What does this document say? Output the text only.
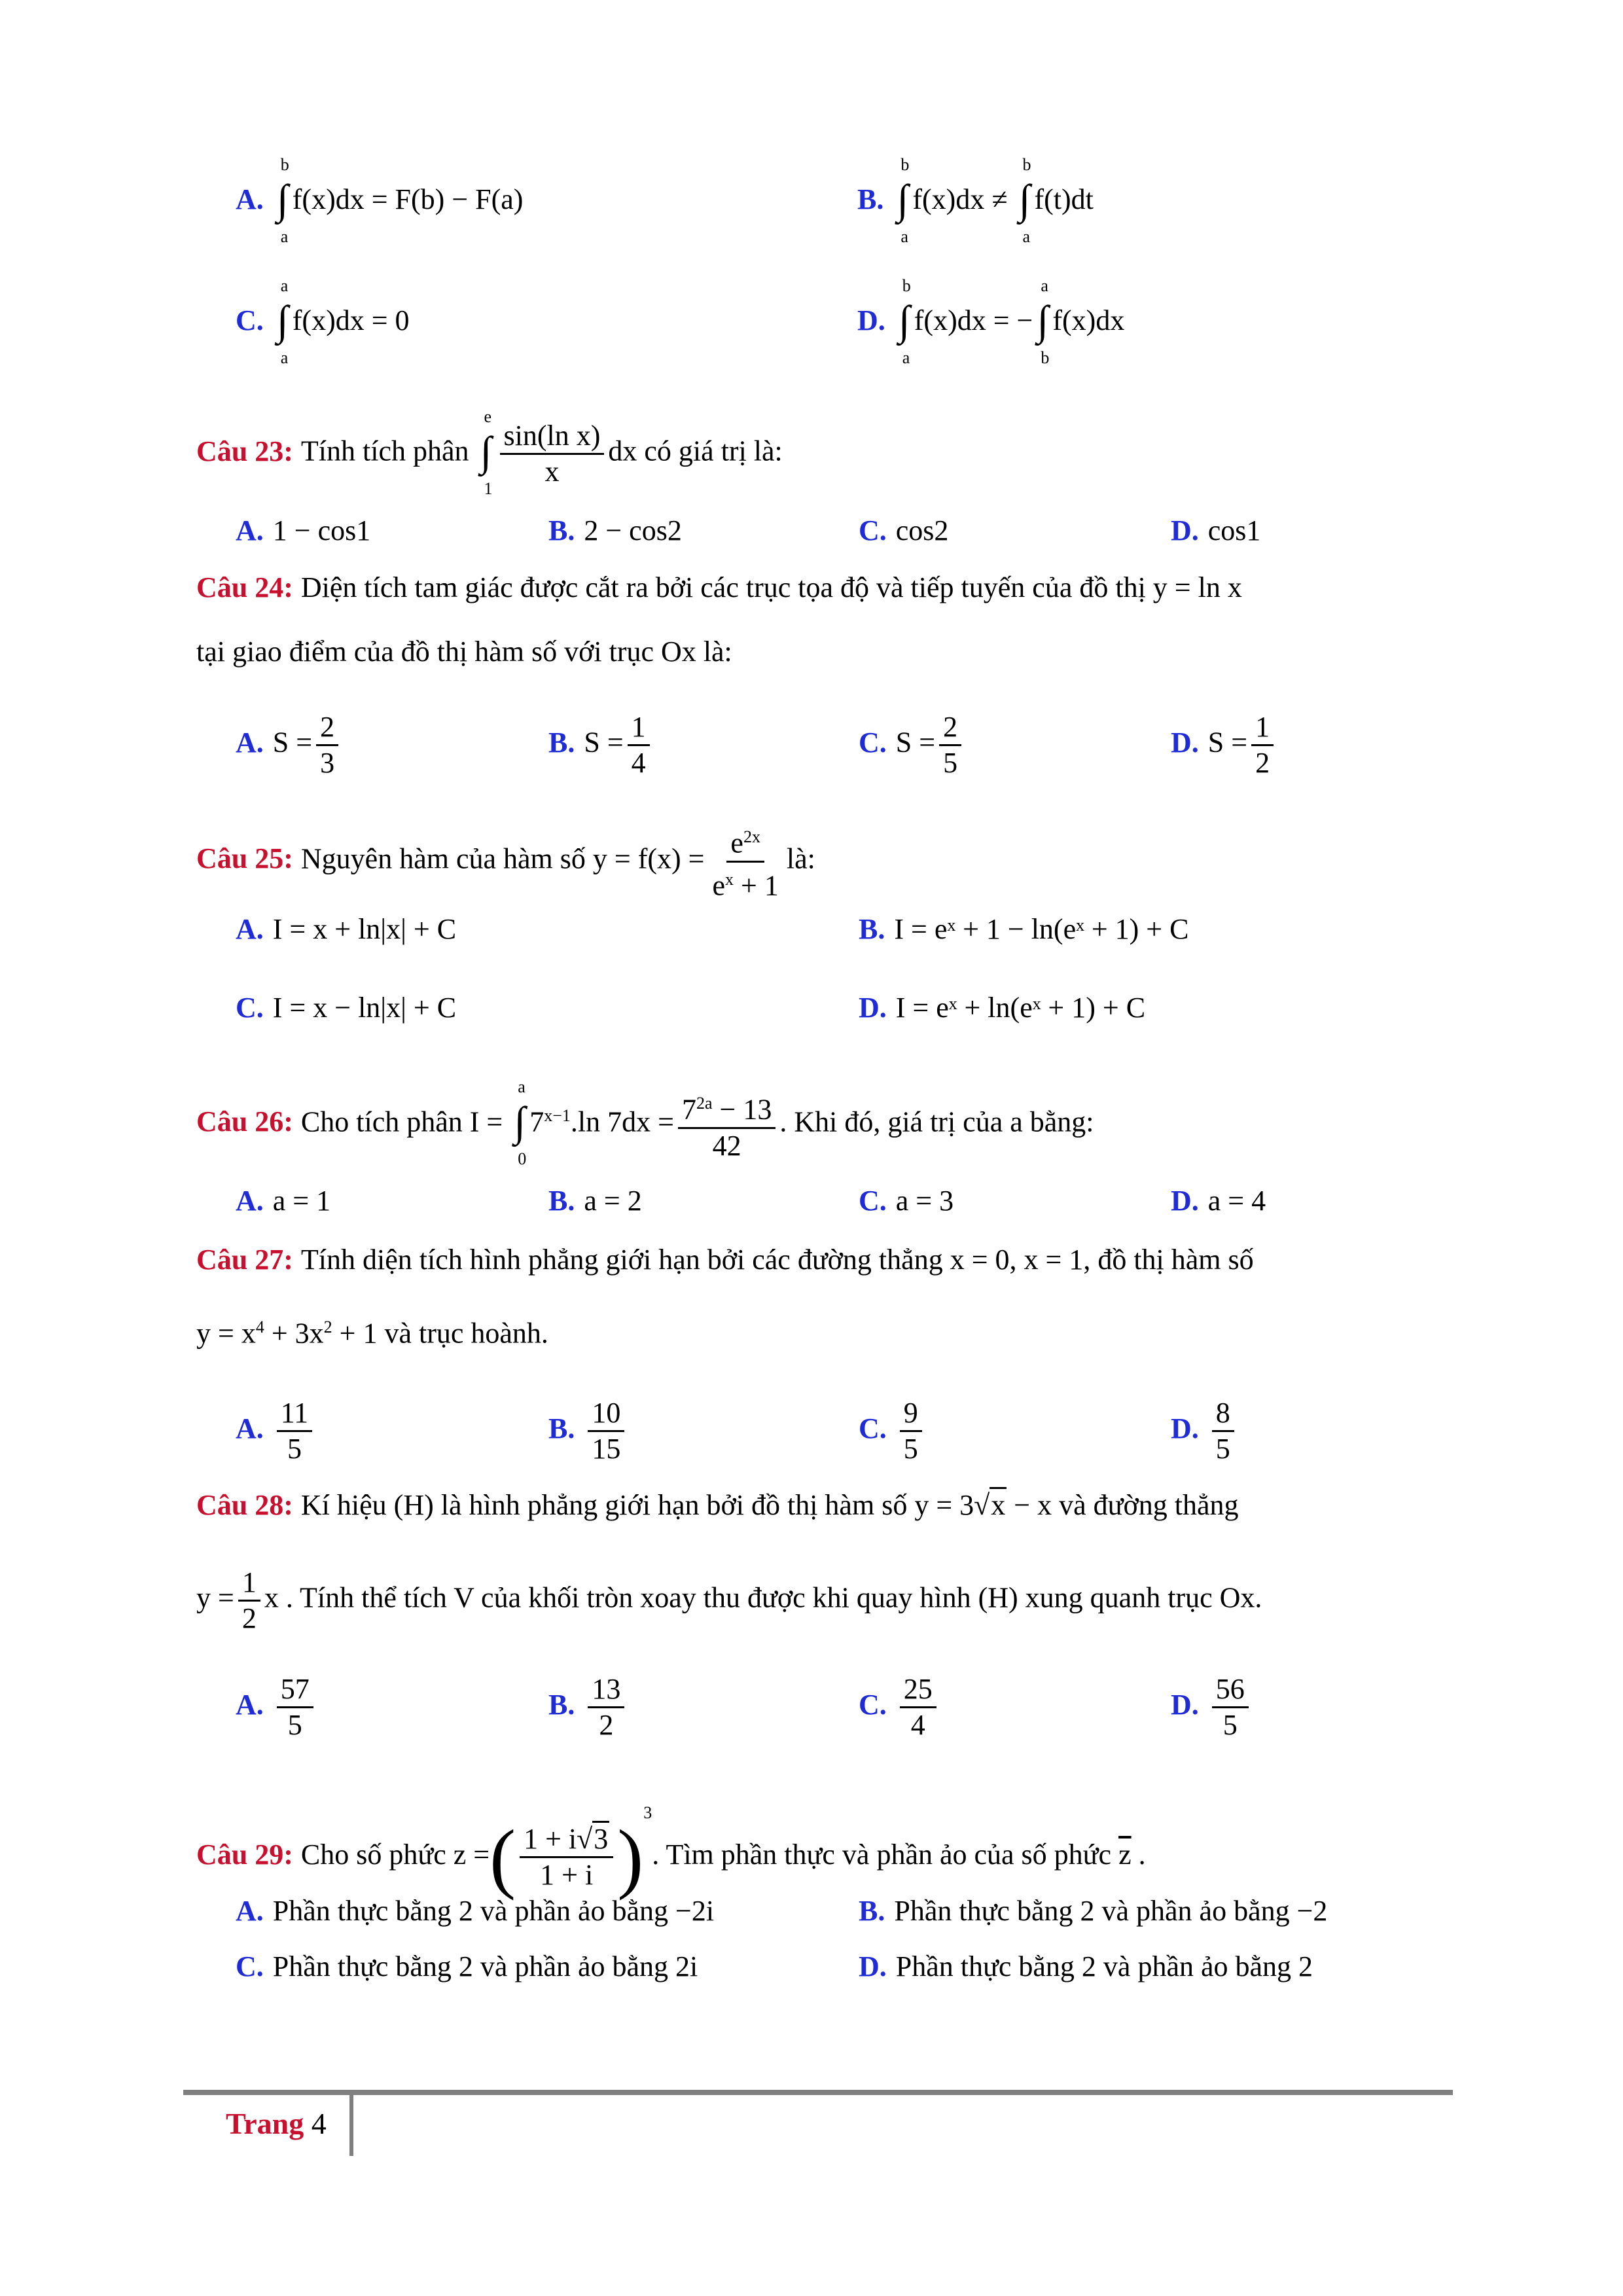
A. ∫
b
a
f(x)dx = F(b) − F(a)	B. ∫
b
a
f(x)dx ≠ ∫
b
a
f(t)dt
C. ∫
a
a
f(x)dx = 0	D. ∫
b
a
f(x)dx = −∫
a
b
f(x)dx
Câu 23: Tính tích phân ∫
e
$1 \frac{\text{sin(ln x)}}{x}$ dx có giá trị là:
A. 1 − cos1	B. 2 − cos2	C. cos2	D. cos1
Câu 24: Diện tích tam giác được cắt ra bởi các trục tọa độ và tiếp tuyến của đồ thị y = ln x
tại giao điểm của đồ thị hàm số với trục Ox là:
A. $S = \frac{2}{3}$	B. $S = \frac{1}{4}$	C. $S = \frac{2}{5}$	D. $S = \frac{1}{2}$
Câu 25: Nguyên hàm của hàm số $y = f(x) = \frac{e^{2x}}{e^x + 1}$ là:
A. I = x + ln|x| + C	B. I = eˣ + 1 − ln(eˣ + 1) + C
C. I = x − ln|x| + C	D. I = eˣ + ln(eˣ + 1) + C
Câu 26: Cho tích phân I = ∫
a
0
$7^{x-1}.\ln$ $7dx = \frac{7^{2a} - 13}{42}$ . Khi đó, giá trị của a bằng:
A. a = 1	B. a = 2	C. a = 3	D. a = 4
Câu 27: Tính diện tích hình phẳng giới hạn bởi các đường thẳng x = 0, x = 1, đồ thị hàm số
$y = x^4 + 3x^2 + 1$ và trục hoành.
A. $\frac{11}{5}$	B. $\frac{10}{15}$	C. $\frac{9}{5}$	D. $\frac{8}{5}$
Câu 28: Kí hiệu (H) là hình phẳng giới hạn bởi đồ thị hàm số y = 3√x − x và đường thẳng
$y = \frac{1}{2}$ x . Tính thể tích V của khối tròn xoay thu được khi quay hình (H) xung quanh trục Ox.
A. $\frac{57}{5}$	B. $\frac{13}{2}$	C. $\frac{25}{4}$	D. $\frac{56}{5}$
Câu 29: Cho số phức z =( $\frac{1 + i√3}{1 + i} )^3$. Tìm phần thực và phần ảo của số phức $\overline{z}$ .
A. Phần thực bằng 2 và phần ảo bằng −2i	B. Phần thực bằng 2 và phần ảo bằng −2
C. Phần thực bằng 2 và phần ảo bằng 2i	D. Phần thực bằng 2 và phần ảo bằng 2
Trang 4
